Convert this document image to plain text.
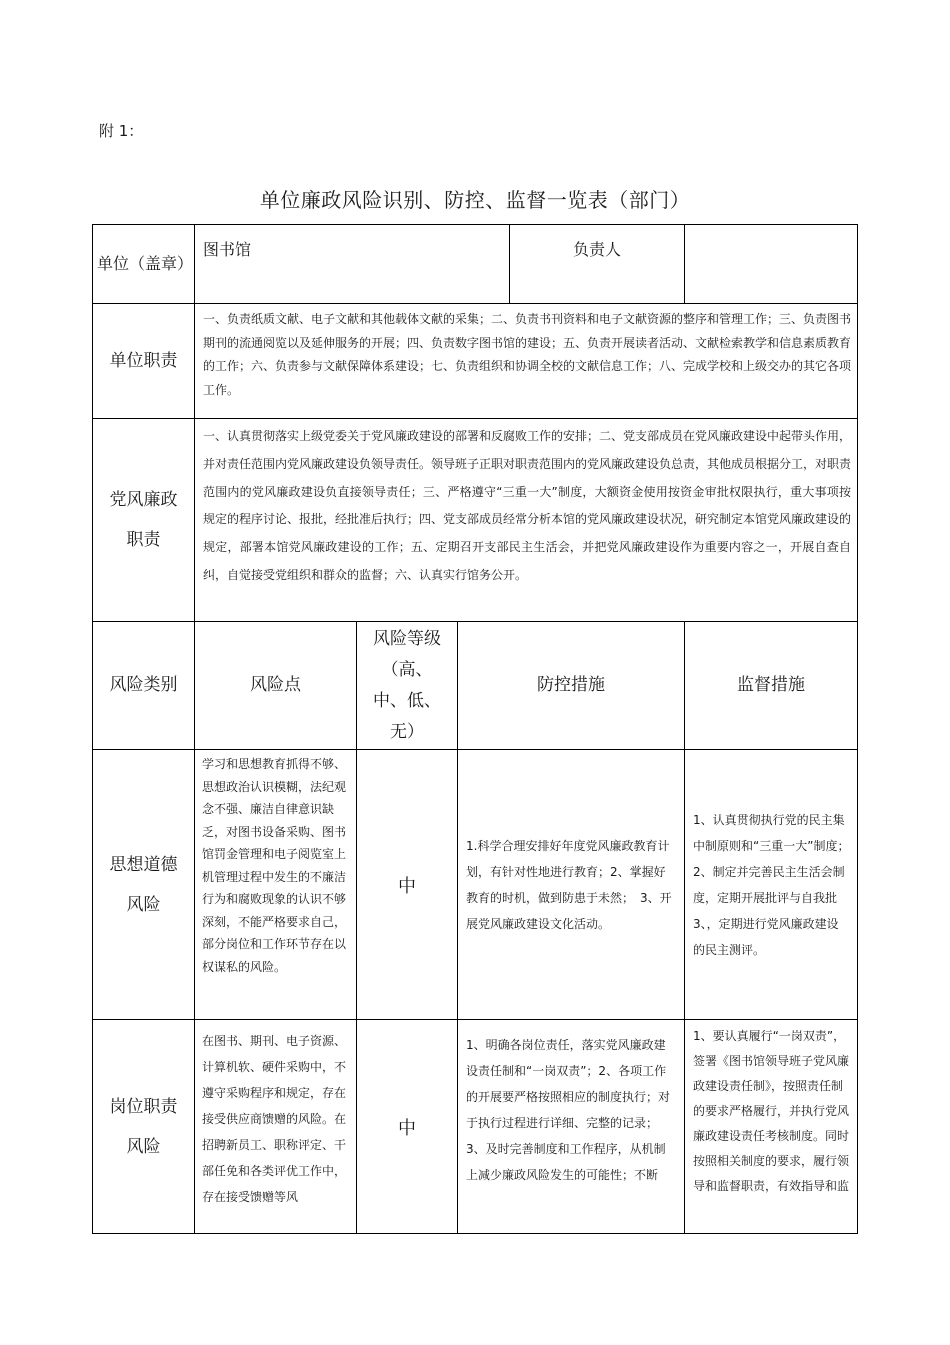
附 1：
单位廉政风险识别、防控、监督一览表（部门）
单位（盖章）	图书馆			负责人	
单位职责	一、负责纸质文献、电子文献和其他载体文献的采集；二、负责书刊资料和电子文献资源的整序和管理工作；三、负责图书期刊的流通阅览以及延伸服务的开展；四、负责数字图书馆的建设；五、负责开展读者活动、文献检索教学和信息素质教育的工作；六、负责参与文献保障体系建设；七、负责组织和协调全校的文献信息工作；八、完成学校和上级交办的其它各项工作。				

党风廉政
职责	一、认真贯彻落实上级党委关于党风廉政建设的部署和反腐败工作的安排；二、党支部成员在党风廉政建设中起带头作用，并对责任范围内党风廉政建设负领导责任。领导班子正职对职责范围内的党风廉政建设负总责，其他成员根据分工，对职责范围内的党风廉政建设负直接领导责任；三、严格遵守“三重一大”制度，大额资金使用按资金审批权限执行，重大事项按规定的程序讨论、报批，经批准后执行；四、党支部成员经常分析本馆的党风廉政建设状况，研究制定本馆党风廉政建设的规定，部署本馆党风廉政建设的工作；五、定期召开支部民主生活会，并把党风廉政建设作为重要内容之一，开展自查自纠，自觉接受党组织和群众的监督；六、认真实行馆务公开。				
风险类别	风险点	风险等级
（高、
中、低、
无）	防控措施		监督措施

思想道德
风险	学习和思想教育抓得不够、思想政治认识模糊，法纪观念不强、廉洁自律意识缺乏，对图书设备采购、图书馆罚金管理和电子阅览室上机管理过程中发生的不廉洁行为和腐败现象的认识不够深刻，不能严格要求自己，部分岗位和工作环节存在以权谋私的风险。	中	1.科学合理安排好年度党风廉政教育计划，有针对性地进行教育；2、掌握好教育的时机，做到防患于未然；　3、开展党风廉政建设文化活动。		1、认真贯彻执行党的民主集中制原则和“三重一大”制度；　2、制定并完善民主生活会制度，定期开展批评与自我批3、，定期进行党风廉政建设的民主测评。

岗位职责
风险	在图书、期刊、电子资源、计算机软、硬件采购中，不遵守采购程序和规定，存在接受供应商馈赠的风险。在招聘新员工、职称评定、干部任免和各类评优工作中，存在接受馈赠等风	中	1、明确各岗位责任，落实党风廉政建设责任制和“一岗双责”；2、各项工作的开展要严格按照相应的制度执行；对于执行过程进行详细、完整的记录；　3、及时完善制度和工作程序，从机制上减少廉政风险发生的可能性；不断		1、要认真履行“一岗双责”，签署《图书馆领导班子党风廉政建设责任制》，按照责任制的要求严格履行，并执行党风廉政建设责任考核制度。同时按照相关制度的要求，履行领导和监督职责，有效指导和监
